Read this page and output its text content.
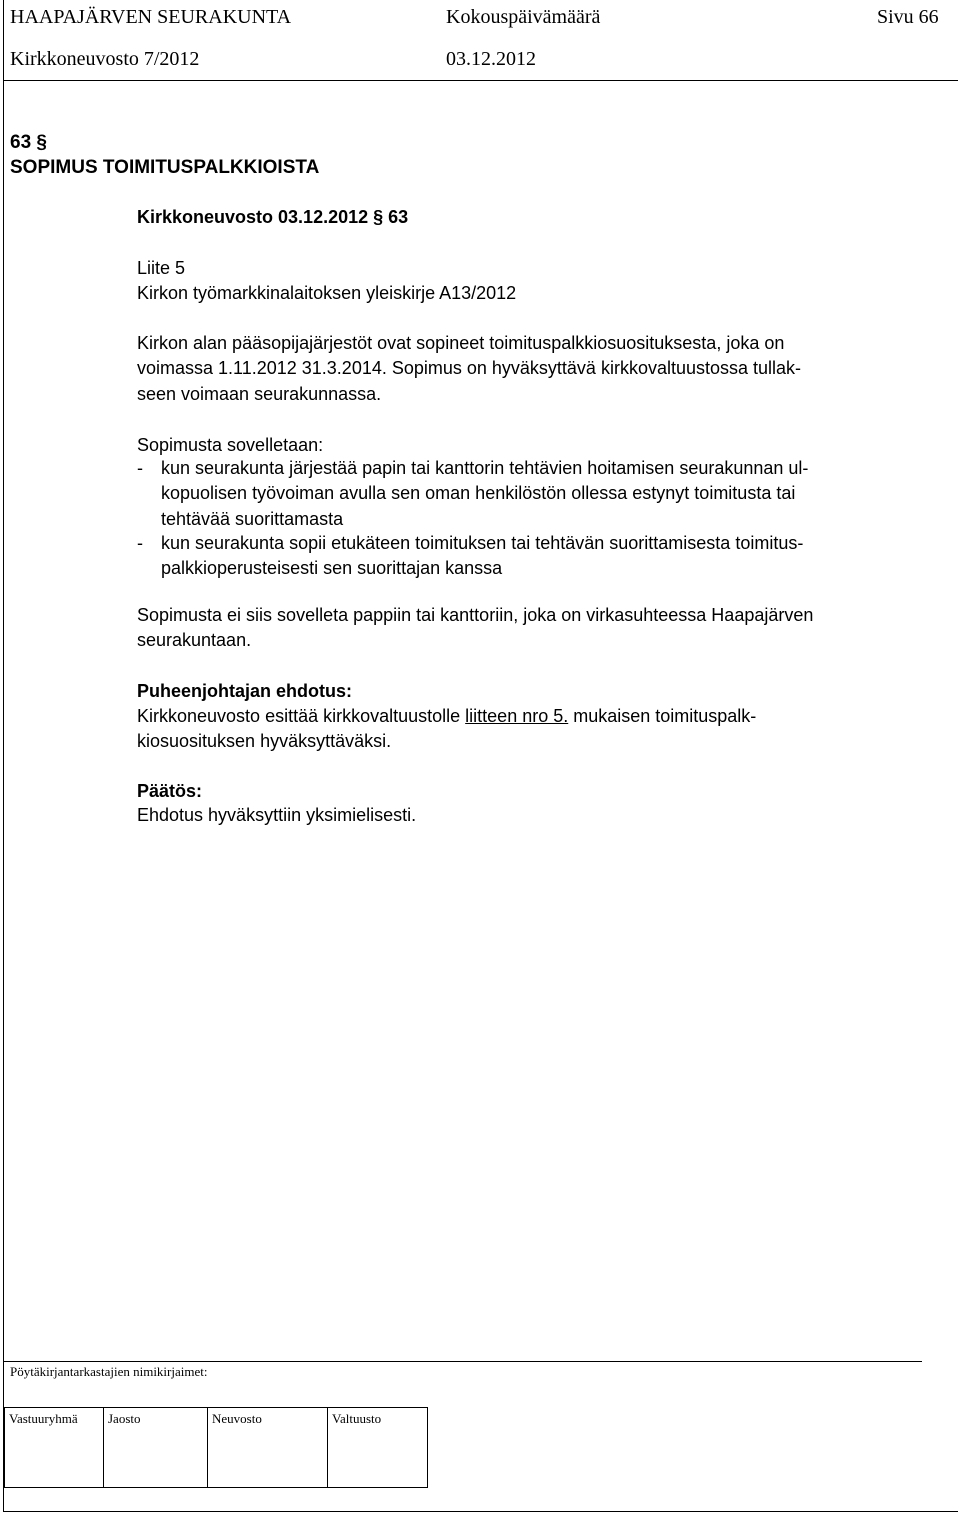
HAAPAJÄRVEN SEURAKUNTA	Kokouspäivämäärä	Sivu 66
Kirkkoneuvosto 7/2012	03.12.2012
63 §
SOPIMUS TOIMITUSPALKKIOISTA
Kirkkoneuvosto 03.12.2012 § 63
Liite 5
Kirkon työmarkkinalaitoksen yleiskirje A13/2012
Kirkon alan pääsopijajärjestöt ovat sopineet toimituspalkkiosuosituksesta, joka on
voimassa 1.11.2012 31.3.2014. Sopimus on hyväksyttävä kirkkovaltuustossa tullak-
seen voimaan seurakunnassa.
Sopimusta sovelletaan:
- kun seurakunta järjestää papin tai kanttorin tehtävien hoitamisen seurakunnan ul-
kopuolisen työvoiman avulla sen oman henkilöstön ollessa estynyt toimitusta tai
tehtävää suorittamasta
- kun seurakunta sopii etukäteen toimituksen tai tehtävän suorittamisesta toimitus-
palkkioperusteisesti sen suorittajan kanssa
Sopimusta ei siis sovelleta pappiin tai kanttoriin, joka on virkasuhteessa Haapajärven
seurakuntaan.
Puheenjohtajan ehdotus:
Kirkkoneuvosto esittää kirkkovaltuustolle liitteen nro 5. mukaisen toimituspalk-
kiosuosituksen hyväksyttäväksi.
Päätös:
Ehdotus hyväksyttiin yksimielisesti.
Pöytäkirjantarkastajien nimikirjaimet:
Vastuuryhmä	Jaosto	Neuvosto	Valtuusto
